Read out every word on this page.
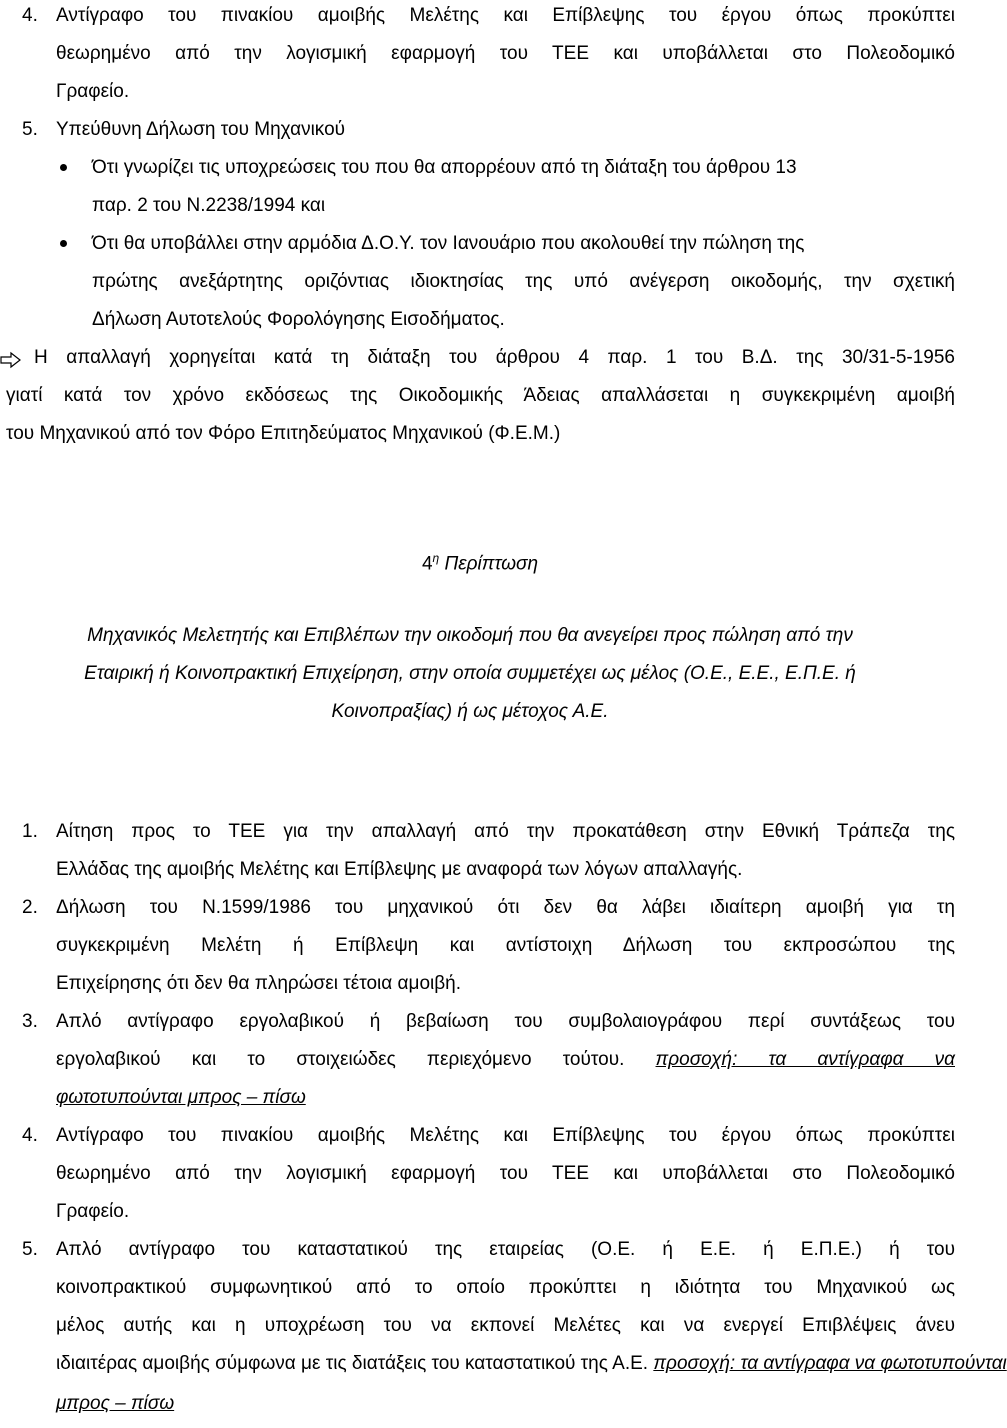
4. Αντίγραφο του πινακίου αμοιβής Μελέτης και Επίβλεψης του έργου όπως προκύπτει
θεωρημένο από την λογισμική εφαρμογή του ΤΕΕ και υποβάλλεται στο Πολεοδομικό
Γραφείο.
5. Υπεύθυνη Δήλωση του Μηχανικού
Ότι γνωρίζει τις υποχρεώσεις του που θα απορρέουν από τη διάταξη του άρθρου 13
παρ. 2 του Ν.2238/1994 και
Ότι θα υποβάλλει στην αρμόδια Δ.Ο.Υ. τον Ιανουάριο που ακολουθεί την πώληση της
πρώτης ανεξάρτητης οριζόντιας ιδιοκτησίας της υπό ανέγερση οικοδομής, την σχετική
Δήλωση Αυτοτελούς Φορολόγησης Εισοδήματος.
Η απαλλαγή χορηγείται κατά τη διάταξη του άρθρου 4 παρ. 1 του Β.Δ. της 30/31-5-1956
γιατί κατά τον χρόνο εκδόσεως της Οικοδομικής Άδειας απαλλάσεται η συγκεκριμένη αμοιβή
του Μηχανικού από τον Φόρο Επιτηδεύματος Μηχανικού (Φ.Ε.Μ.)
$4^\eta$ Περίπτωση
Μηχανικός Μελετητής και Επιβλέπων την οικοδομή που θα ανεγείρει προς πώληση από την
Εταιρική ή Κοινοπρακτική Επιχείρηση, στην οποία συμμετέχει ως μέλος (Ο.Ε., Ε.Ε., Ε.Π.Ε. ή
Κοινοπραξίας) ή ως μέτοχος Α.Ε.
1. Αίτηση προς το ΤΕΕ για την απαλλαγή από την προκατάθεση στην Εθνική Τράπεζα της
Ελλάδας της αμοιβής Μελέτης και Επίβλεψης με αναφορά των λόγων απαλλαγής.
2. Δήλωση του Ν.1599/1986 του μηχανικού ότι δεν θα λάβει ιδιαίτερη αμοιβή για τη
συγκεκριμένη Μελέτη ή Επίβλεψη και αντίστοιχη Δήλωση του εκπροσώπου της
Επιχείρησης ότι δεν θα πληρώσει τέτοια αμοιβή.
3. Απλό αντίγραφο εργολαβικού ή βεβαίωση του συμβολαιογράφου περί συντάξεως του
εργολαβικού και το στοιχειώδες περιεχόμενο τούτου. προσοχή: τα αντίγραφα να
φωτοτυπούνται μπρος – πίσω
4. Αντίγραφο του πινακίου αμοιβής Μελέτης και Επίβλεψης του έργου όπως προκύπτει
θεωρημένο από την λογισμική εφαρμογή του ΤΕΕ και υποβάλλεται στο Πολεοδομικό
Γραφείο.
5. Απλό αντίγραφο του καταστατικού της εταιρείας (Ο.Ε. ή Ε.Ε. ή Ε.Π.Ε.) ή του
κοινοπρακτικού συμφωνητικού από το οποίο προκύπτει η ιδιότητα του Μηχανικού ως
μέλος αυτής και η υποχρέωση του να εκπονεί Μελέτες και να ενεργεί Επιβλέψεις άνευ
ιδιαιτέρας αμοιβής σύμφωνα με τις διατάξεις του καταστατικού της Α.Ε. προσοχή: τα αντίγραφα να φωτοτυπούνται
μπρος – πίσω
